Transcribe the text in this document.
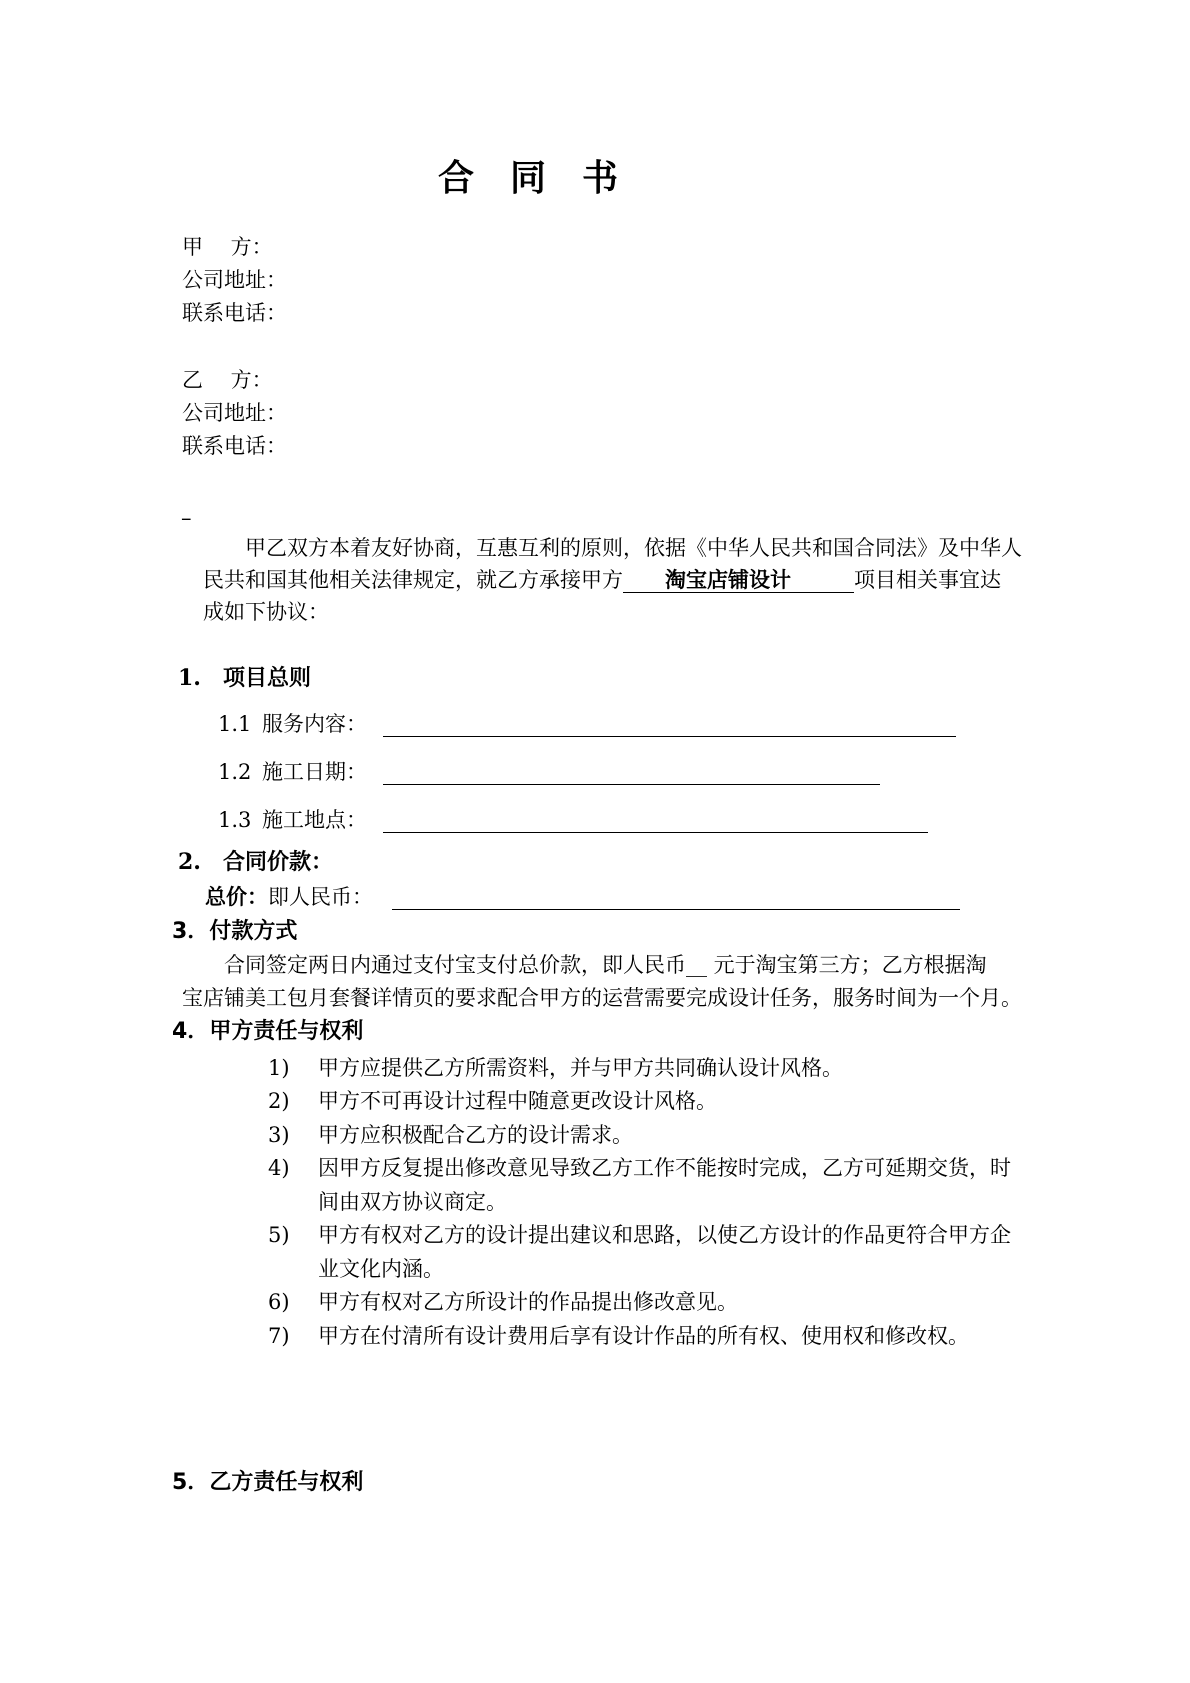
合　同　书
甲　 方：
公司地址：
联系电话：
乙　 方：
公司地址：
联系电话：
–
甲乙双方本着友好协商，互惠互利的原则，依据《中华人民共和国合同法》及中华人
民共和国其他相关法律规定，就乙方承接甲方　　 淘宝店铺设计　　　	项目相关事宜达
成如下协议：
1. 项目总则
1.1 服务内容：
1.2 施工日期：
1.3 施工地点：
2. 合同价款：
总价：即人民币：
3．付款方式
合同签定两日内通过支付宝支付总价款，即人民币__ 元于淘宝第三方；乙方根据淘
宝店铺美工包月套餐详情页的要求配合甲方的运营需要完成设计任务，服务时间为一个月。
4．甲方责任与权利
1) 甲方应提供乙方所需资料，并与甲方共同确认设计风格。
2) 甲方不可再设计过程中随意更改设计风格。
3) 甲方应积极配合乙方的设计需求。
4) 因甲方反复提出修改意见导致乙方工作不能按时完成，乙方可延期交货，时
间由双方协议商定。
5) 甲方有权对乙方的设计提出建议和思路，以使乙方设计的作品更符合甲方企
业文化内涵。
6) 甲方有权对乙方所设计的作品提出修改意见。
7) 甲方在付清所有设计费用后享有设计作品的所有权、使用权和修改权。
5．乙方责任与权利
